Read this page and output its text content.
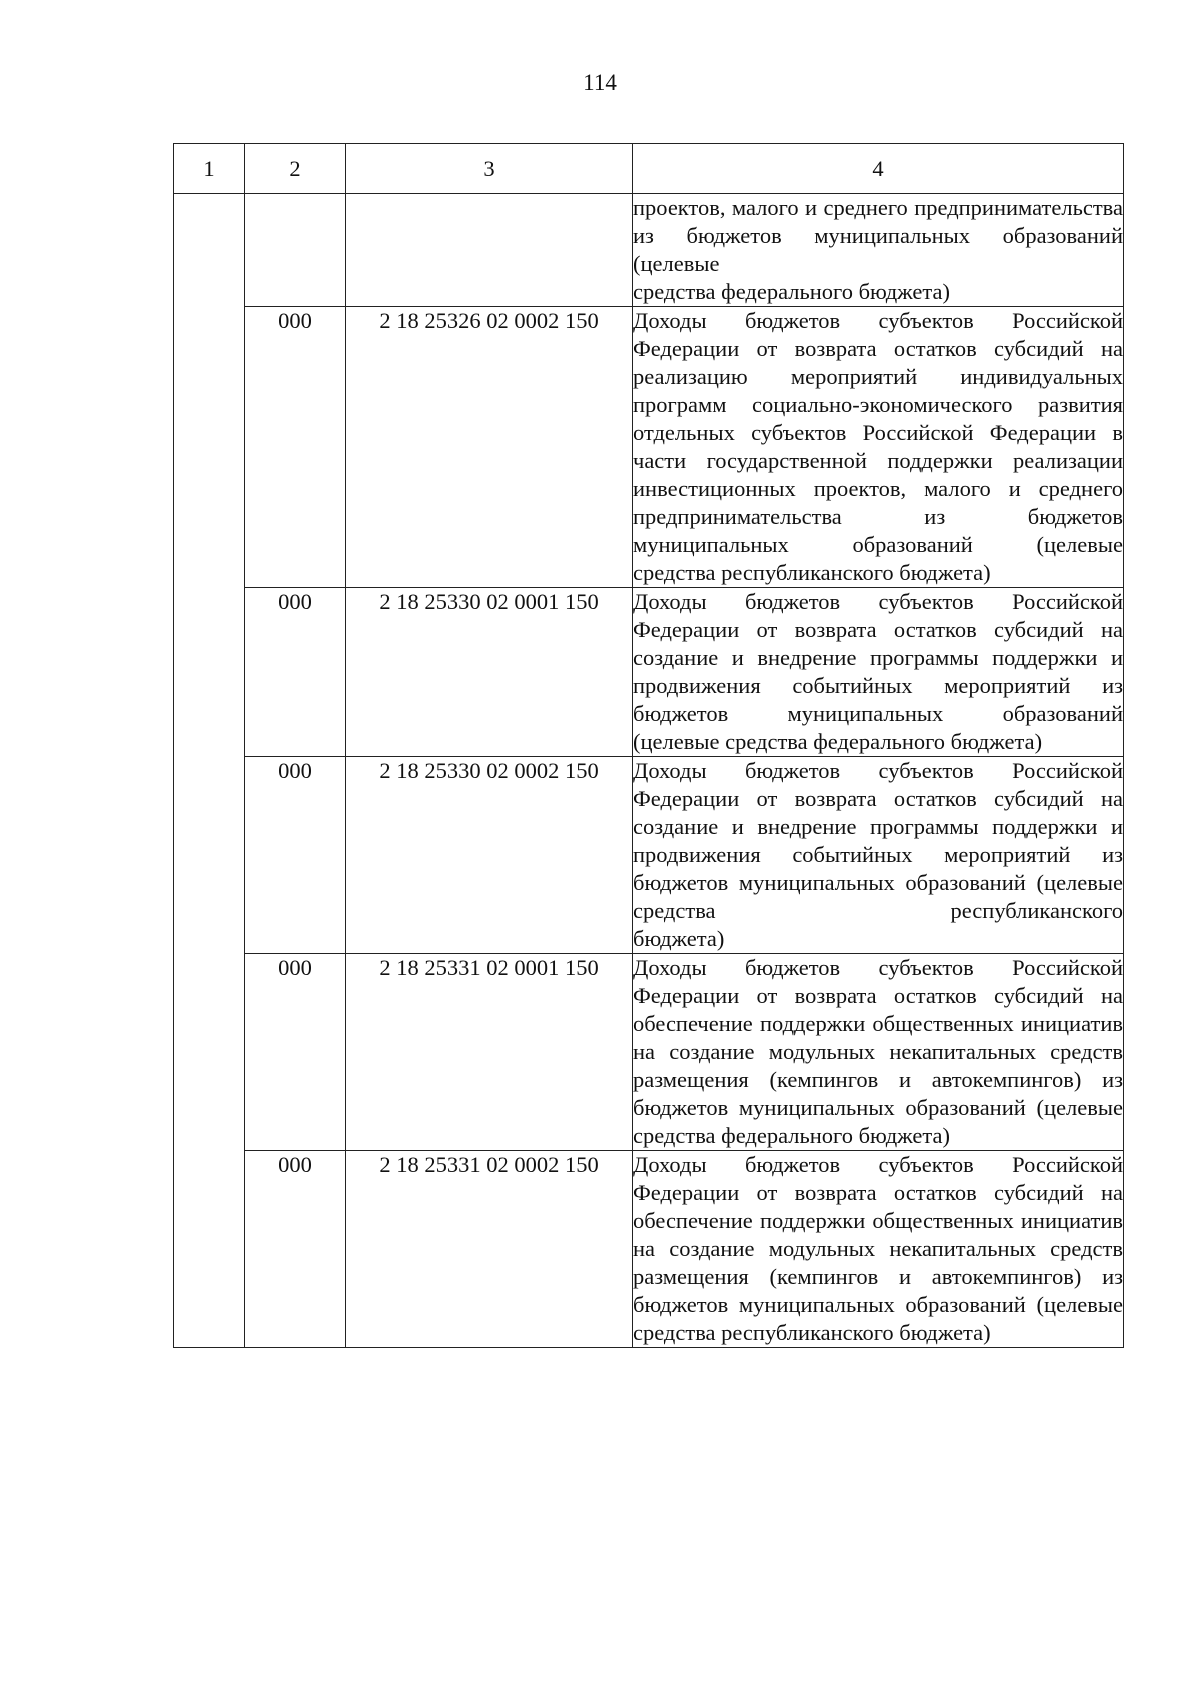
114
1	2	3	4

			проектов, малого и среднего предпринимательства из бюджетов муниципальных образований (целевые
средства федерального бюджета)

	000	2 18 25326 02 0002 150	Доходы бюджетов субъектов Российской Федерации от возврата остатков субсидий на реализацию мероприятий индивидуальных программ социально-экономического развития отдельных субъектов Российской Федерации в части государственной поддержки реализации инвестиционных проектов, малого и среднего предпринимательства из бюджетов муниципальных образований (целевые
средства республиканского бюджета)

	000	2 18 25330 02 0001 150	Доходы бюджетов субъектов Российской Федерации от возврата остатков субсидий на создание и внедрение программы поддержки и продвижения событийных мероприятий из бюджетов муниципальных образований
(целевые средства федерального бюджета)

	000	2 18 25330 02 0002 150	Доходы бюджетов субъектов Российской Федерации от возврата остатков субсидий на создание и внедрение программы поддержки и продвижения событийных мероприятий из бюджетов муниципальных образований (целевые средства республиканского
бюджета)

	000	2 18 25331 02 0001 150	Доходы бюджетов субъектов Российской Федерации от возврата остатков субсидий на обеспечение поддержки общественных инициатив на создание модульных некапитальных средств размещения (кемпингов и автокемпингов) из бюджетов муниципальных образований (целевые
средства федерального бюджета)

	000	2 18 25331 02 0002 150	Доходы бюджетов субъектов Российской Федерации от возврата остатков субсидий на обеспечение поддержки общественных инициатив на создание модульных некапитальных средств размещения (кемпингов и автокемпингов) из бюджетов муниципальных образований (целевые
средства республиканского бюджета)
